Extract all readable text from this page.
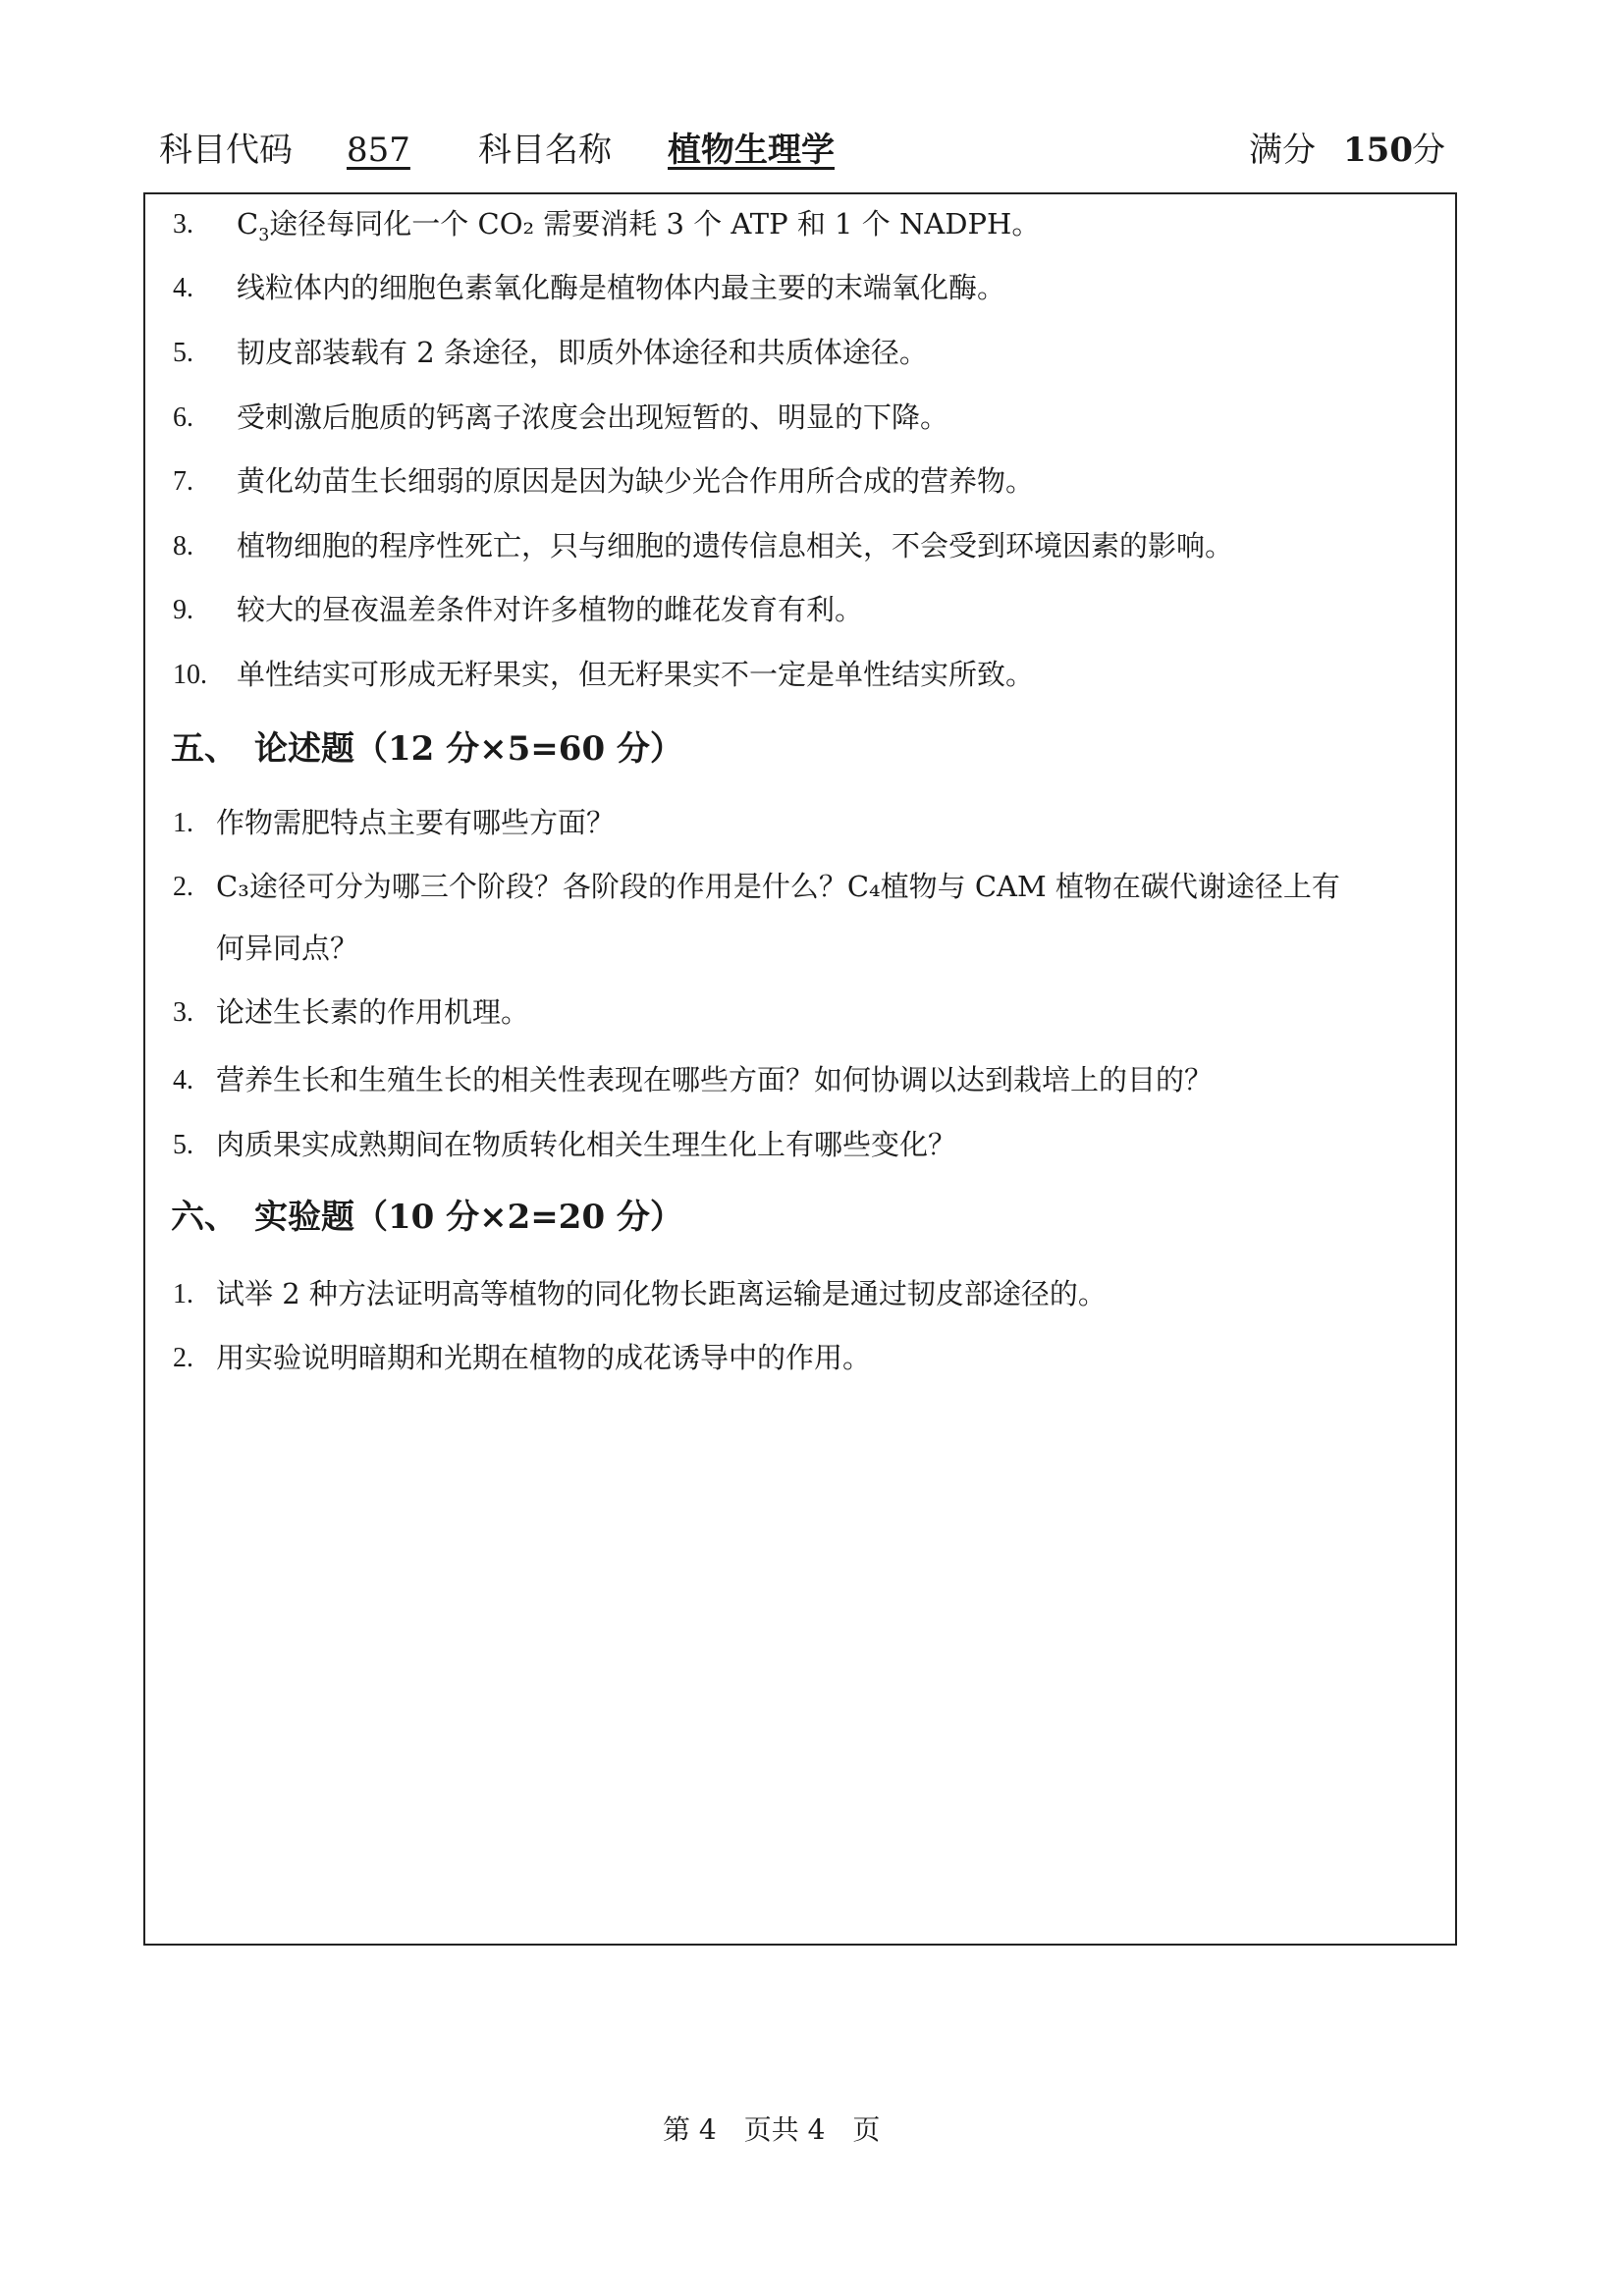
科目代码 857 科目名称 植物生理学	满分 150 分
3. $C_3$途径每同化一个 CO₂ 需要消耗 3 个 ATP 和 1 个 NADPH。
4. 线粒体内的细胞色素氧化酶是植物体内最主要的末端氧化酶。
5. 韧皮部装载有 2 条途径，即质外体途径和共质体途径。
6. 受刺激后胞质的钙离子浓度会出现短暂的、明显的下降。
7. 黄化幼苗生长细弱的原因是因为缺少光合作用所合成的营养物。
8. 植物细胞的程序性死亡，只与细胞的遗传信息相关，不会受到环境因素的影响。
9. 较大的昼夜温差条件对许多植物的雌花发育有利。
10. 单性结实可形成无籽果实，但无籽果实不一定是单性结实所致。
五、　论述题（12 分×5=60 分）
1. 作物需肥特点主要有哪些方面？
2. C₃途径可分为哪三个阶段？各阶段的作用是什么？C₄植物与 CAM 植物在碳代谢途径上有
何异同点？
3. 论述生长素的作用机理。
4. 营养生长和生殖生长的相关性表现在哪些方面？如何协调以达到栽培上的目的？
5. 肉质果实成熟期间在物质转化相关生理生化上有哪些变化？
六、　实验题（10 分×2=20 分）
1. 试举 2 种方法证明高等植物的同化物长距离运输是通过韧皮部途径的。
2. 用实验说明暗期和光期在植物的成花诱导中的作用。
第 4　页共 4　页
